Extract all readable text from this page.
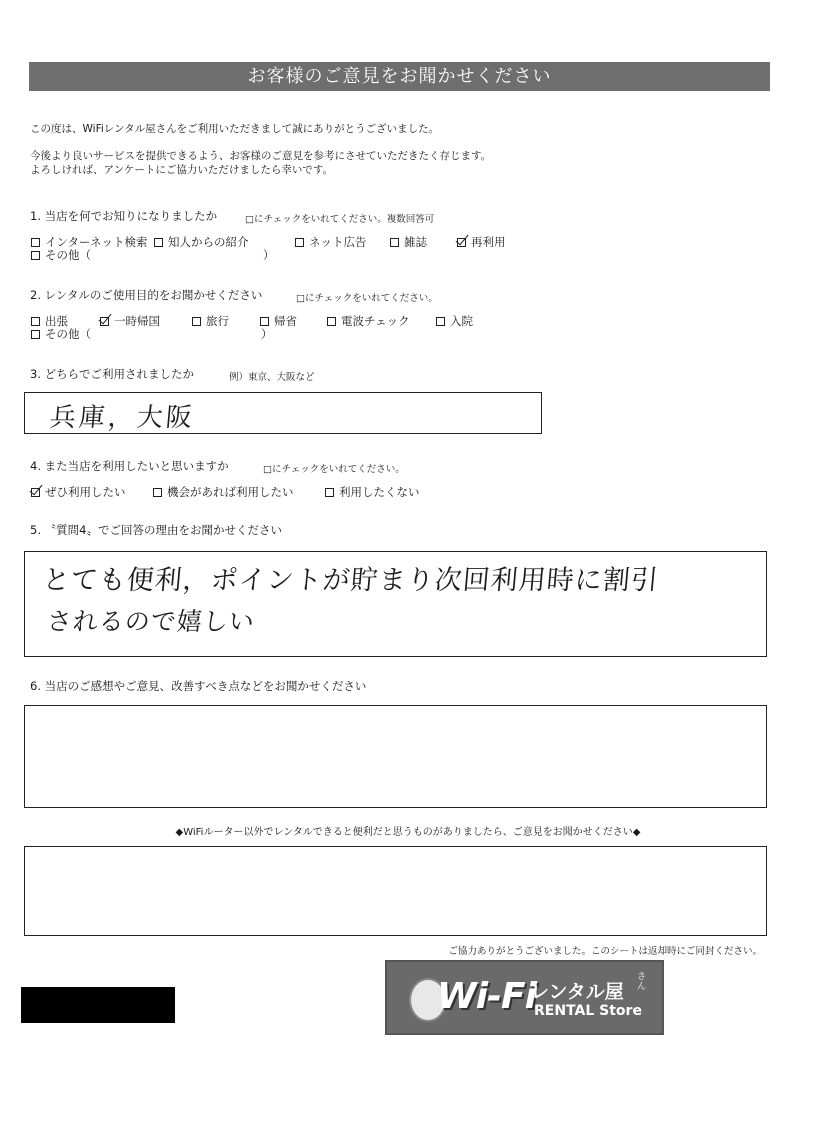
お客様のご意見をお聞かせください
この度は、WiFiレンタル屋さんをご利用いただきまして誠にありがとうございました。
今後より良いサービスを提供できるよう、お客様のご意見を参考にさせていただきたく存じます。
よろしければ、アンケートにご協力いただけましたら幸いです。
1. 当店を何でお知りになりましたか	□にチェックをいれてください。複数回答可
インターネット検索 知人からの紹介	ネット広告	雑誌	再利用
その他（	）
2. レンタルのご使用目的をお聞かせください	□にチェックをいれてください。
出張	一時帰国	旅行	帰省	電波チェック	入院
その他（	）
3. どちらでご利用されましたか	例）東京、大阪など
兵庫，大阪
4. また当店を利用したいと思いますか	□にチェックをいれてください。
ぜひ利用したい	機会があれば利用したい	利用したくない
5. 〝質問4〟でご回答の理由をお聞かせください
とても便利，ポイントが貯まり次回利用時に割引
されるので嬉しい
6. 当店のご感想やご意見、改善すべき点などをお聞かせください
◆WiFiルーター以外でレンタルできると便利だと思うものがありましたら、ご意見をお聞かせください◆
ご協力ありがとうございました。このシートは返却時にご同封ください。
Wi-Fi
レンタル屋
さん
RENTAL Store
